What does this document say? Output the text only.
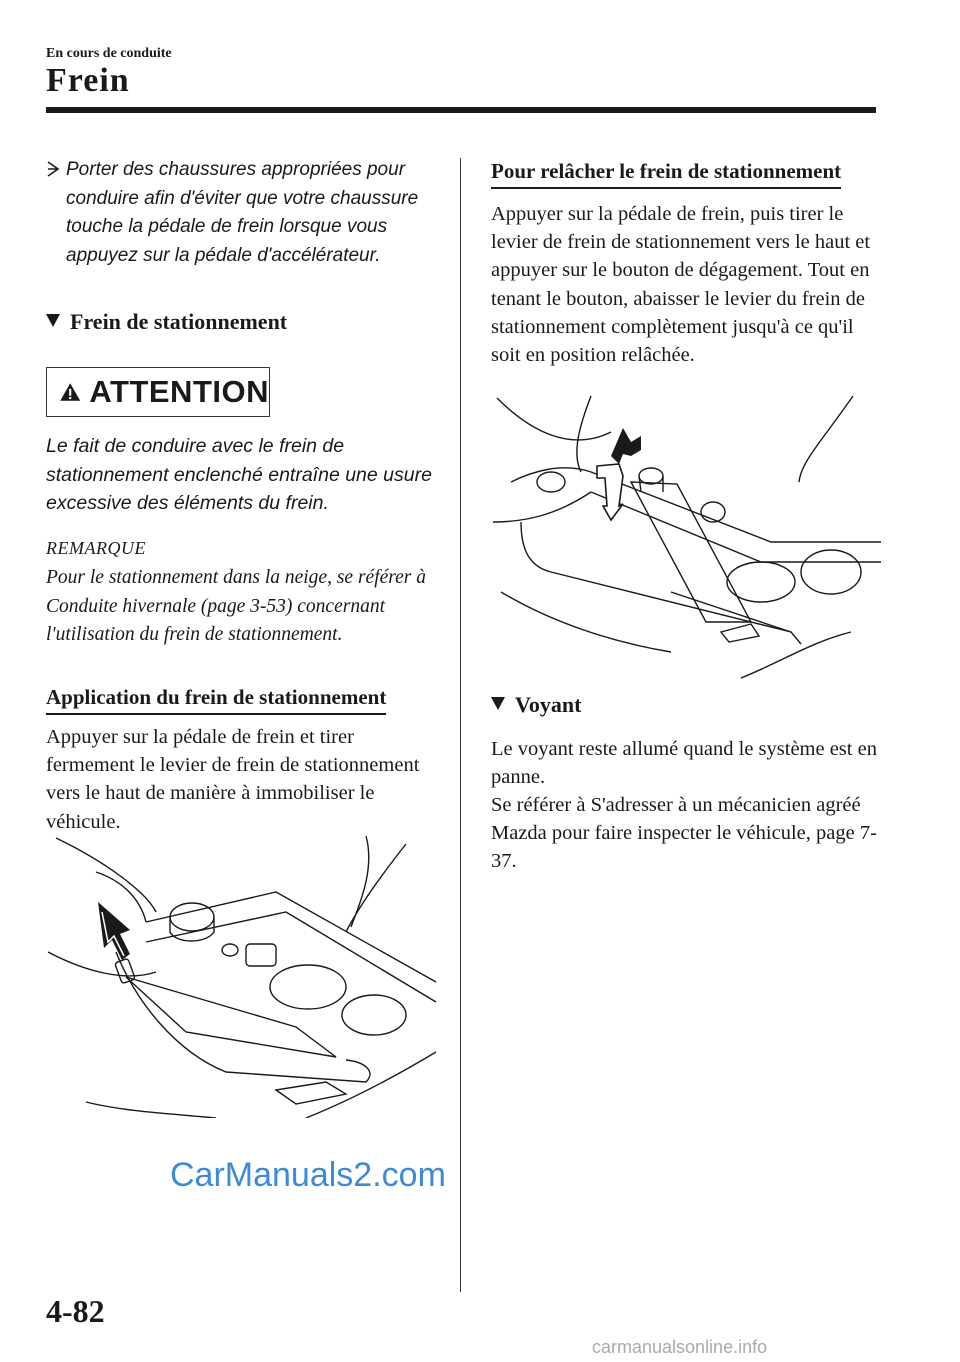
En cours de conduite
Frein
Porter des chaussures appropriées pour conduire afin d'éviter que votre chaussure touche la pédale de frein lorsque vous appuyez sur la pédale d'accélérateur.
Frein de stationnement
ATTENTION
Le fait de conduire avec le frein de stationnement enclenché entraîne une usure excessive des éléments du frein.
REMARQUE
Pour le stationnement dans la neige, se référer à Conduite hivernale (page 3-53) concernant l'utilisation du frein de stationnement.
Application du frein de stationnement
Appuyer sur la pédale de frein et tirer fermement le levier de frein de stationnement vers le haut de manière à immobiliser le véhicule.
CarManuals2.com
Pour relâcher le frein de stationnement
Appuyer sur la pédale de frein, puis tirer le levier de frein de stationnement vers le haut et appuyer sur le bouton de dégagement. Tout en tenant le bouton, abaisser le levier du frein de stationnement complètement jusqu'à ce qu'il soit en position relâchée.
Voyant
Le voyant reste allumé quand le système est en panne.
Se référer à S'adresser à un mécanicien agréé Mazda pour faire inspecter le véhicule, page 7-37.
4-82
carmanualsonline.info
